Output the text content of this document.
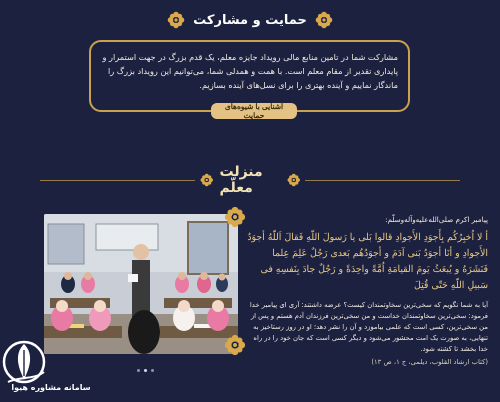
حمایت و مشارکت

مشارکت شما در تامین منابع مالی رویداد جایزه معلم، یک قدم بزرگ در جهت استمرار و پایداری تقدیر از مقام معلم است. با همت و همدلی شما، می‌توانیم این رویداد بزرگ را ماندگار نماییم و آینده بهتری را برای نسل‌های آینده بسازیم.

آشنایی با شیوه‌های حمایت
منزلت معلّم

پیامبر اکرم صلی‌الله‌علیه‌وآله‌وسلّم:

أ لا اُخبِرُكُم بِأَجوَدِ الأَجوادِ قالوا بَلى یا رَسولَ اللّهِ فَقالَ اَللّهُ أجوَدُ الأَجوادِ و أنَا أجوَدُ بَنی آدَمَ و أجوَدُهُم بَعدی رَجُلٌ عَلِمَ عِلما فَنَشَرَهُ و یُبعَثُ یَومَ القیامَةِ اُمَّةً واحِدَةً و رَجُلٌ جادَ بِنَفسِهِ فی سَبیلِ اللّهِ حَتّی قُتِلَ

آیا به شما نگویم که سخی‌ترین سخاوتمندان کیست؟ عرضه داشتند: آری ای پیامبر خدا فرمود: سخی‌ترین سخاوتمندان خداست و من سخی‌ترین فرزندان آدم هستم و پس از من سخی‌ترین، کسی است که علمی بیاموزد و آن را نشر دهد؛ او در روز رستاخیز به تنهایی، به صورت یک امت محشور می‌شود و دیگر کسی است که جان خود را در راه خدا بخشد تا کشته شود.

(کتاب ارشاد القلوب، دیلمی، ج ۱، ص ۱۳)

سامانه مشاوره هیوا
